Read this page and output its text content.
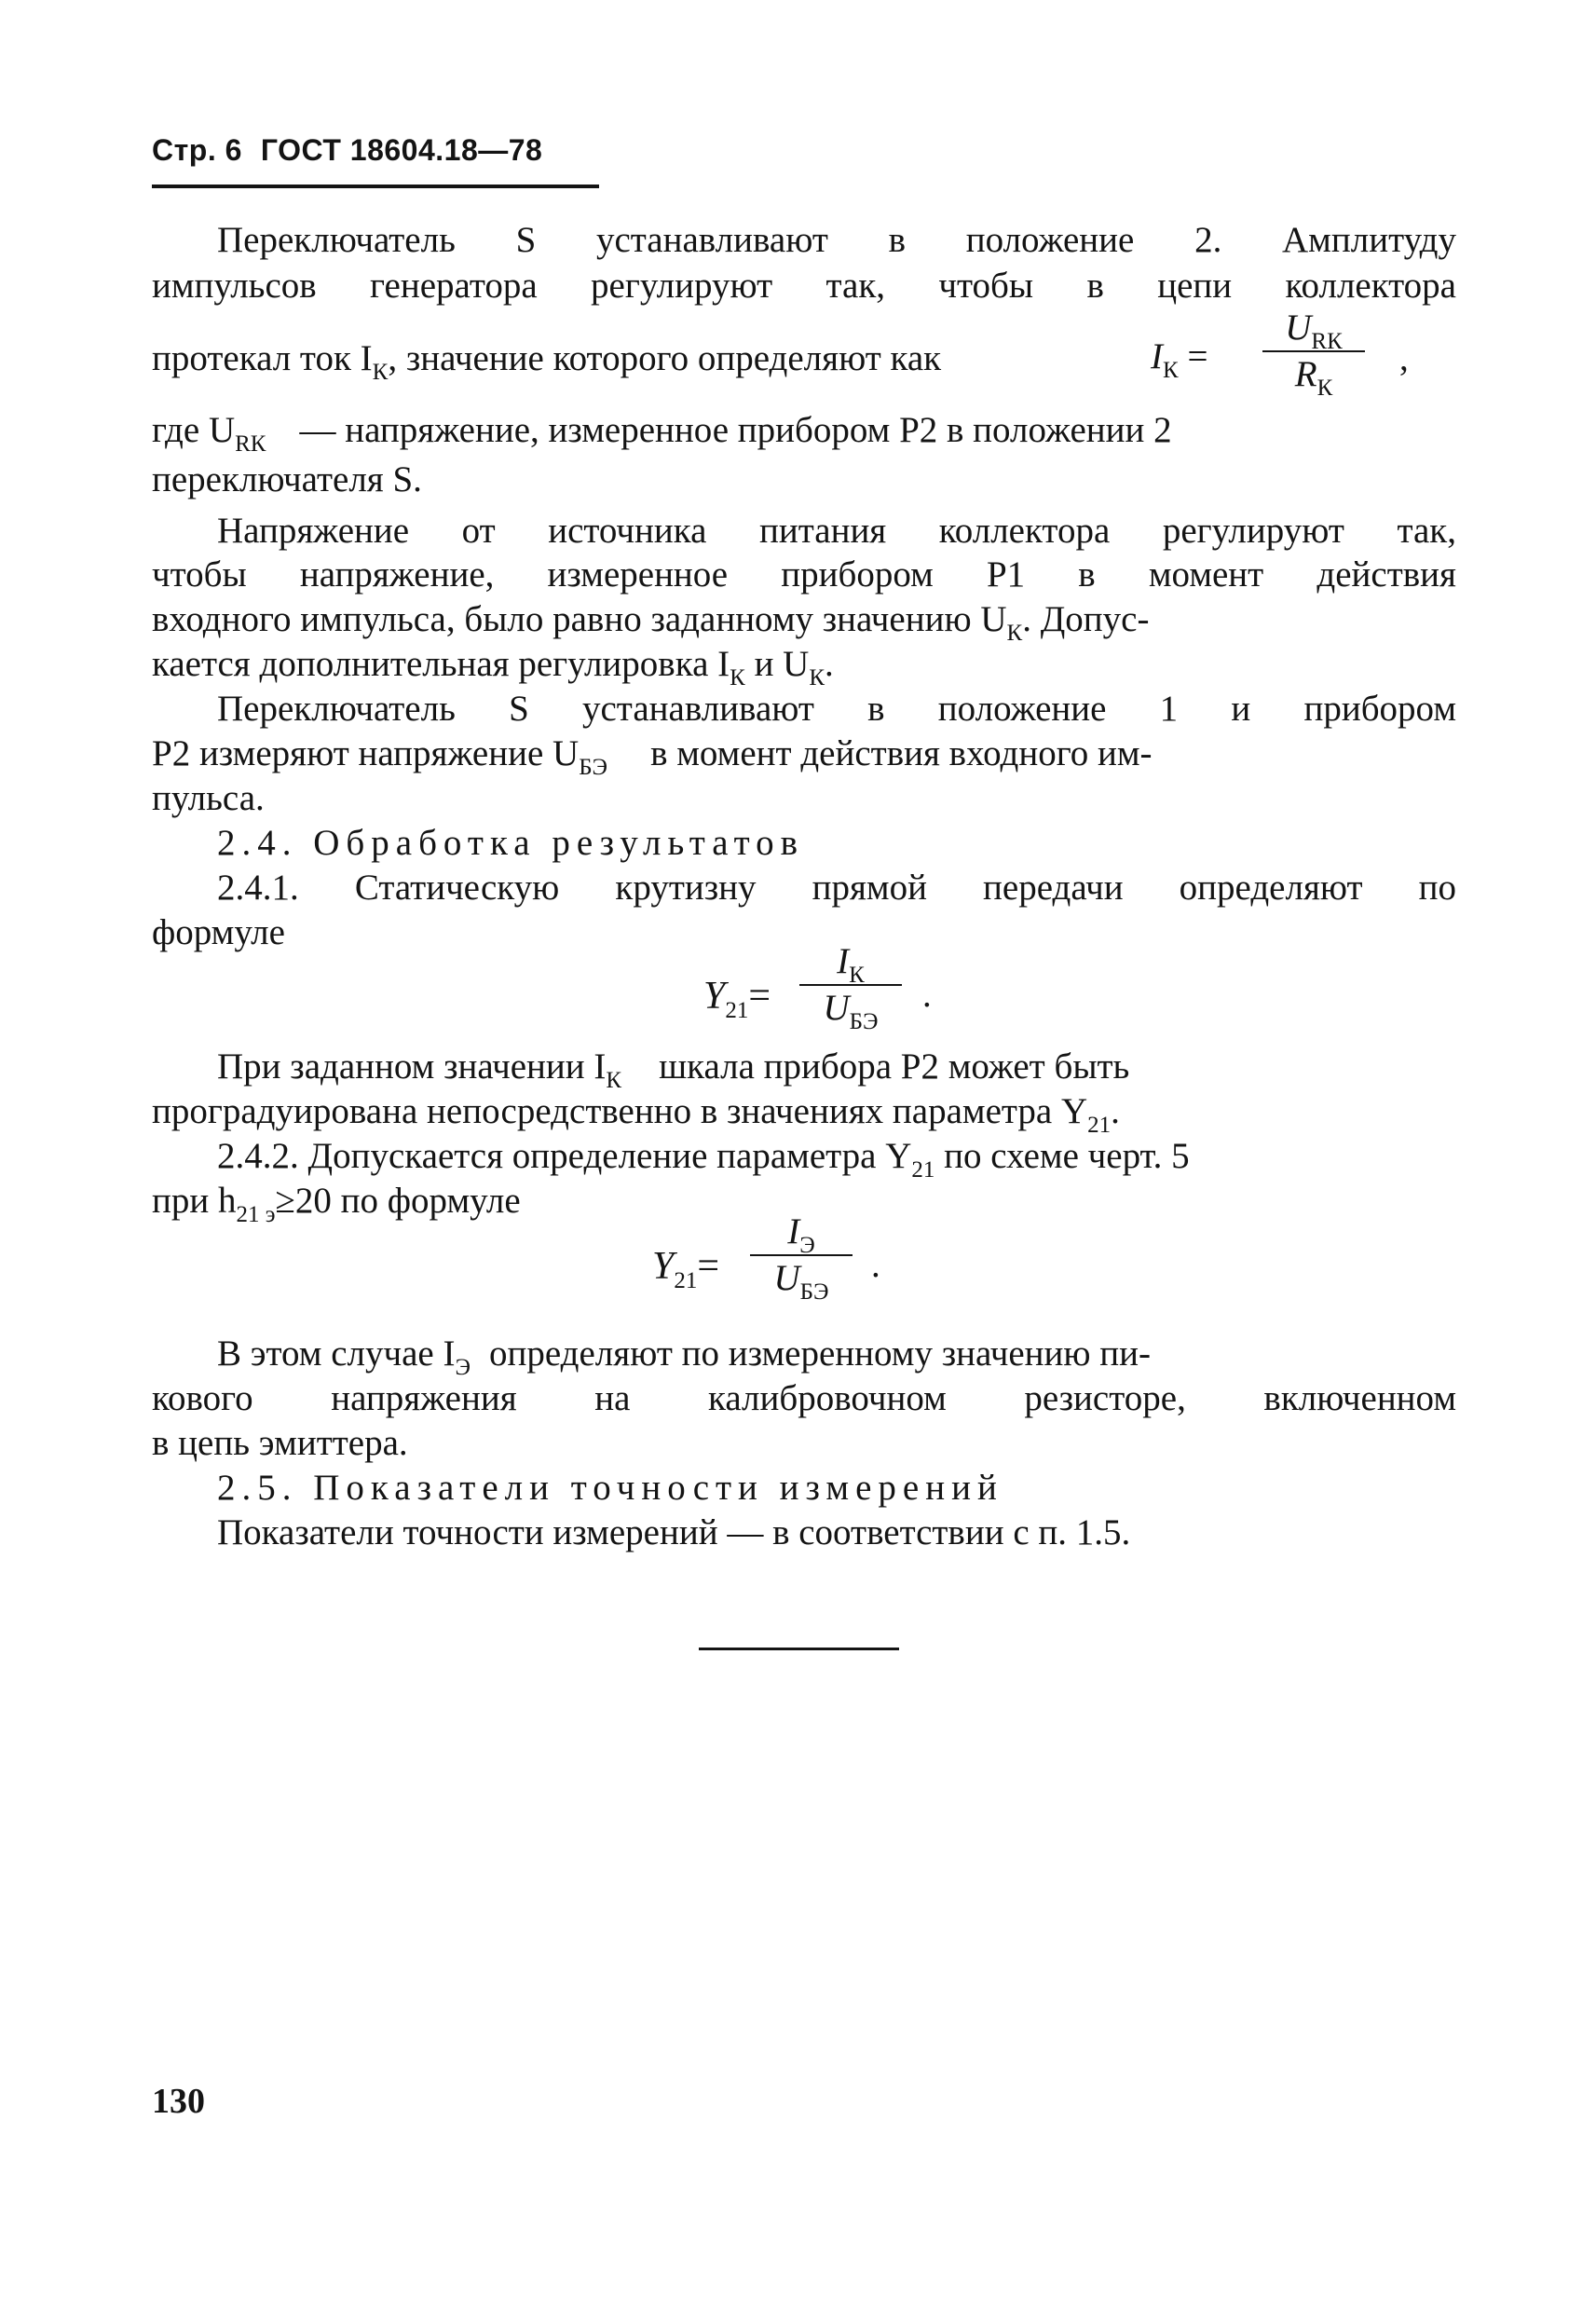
Стр. 6 ГОСТ 18604.18—78
Переключатель S устанавливают в положение 2. Амплитуду
импульсов генератора регулируют так, чтобы в цепи коллектора
протекал ток $I_К$, значение которого определяют как	$I_К$ =
$U_{RК}$
$R_К$
,
где $U_{RК}$ — напряжение, измеренное прибором P2 в положении 2
переключателя S.
Напряжение от источника питания коллектора регулируют так,
чтобы напряжение, измеренное прибором P1 в момент действия
входного импульса, было равно заданному значению $U_К$. Допус-
кается дополнительная регулировка $I_К$ и $U_К$.
Переключатель S устанавливают в положение 1 и прибором
P2 измеряют напряжение $U_{БЭ}$ в момент действия входного им-
пульса.
2.4. Обработка результатов
2.4.1. Статическую крутизну прямой передачи определяют по
формуле
$Y_{21}=$
$I_К$
$U_{БЭ}$
.
При заданном значении $I_К$ шкала прибора P2 может быть
проградуирована непосредственно в значениях параметра $Y_{21}$.
2.4.2. Допускается определение параметра $Y_{21}$ по схеме черт. 5
при $h_{21 э}\ge 20$ по формуле
$Y_{21}=$
$I_Э$
$U_{БЭ}$
.
В этом случае $I_Э$ определяют по измеренному значению пи-
кового напряжения на калибровочном резисторе, включенном
в цепь эмиттера.
2.5. Показатели точности измерений
Показатели точности измерений — в соответствии с п. 1.5.
130
